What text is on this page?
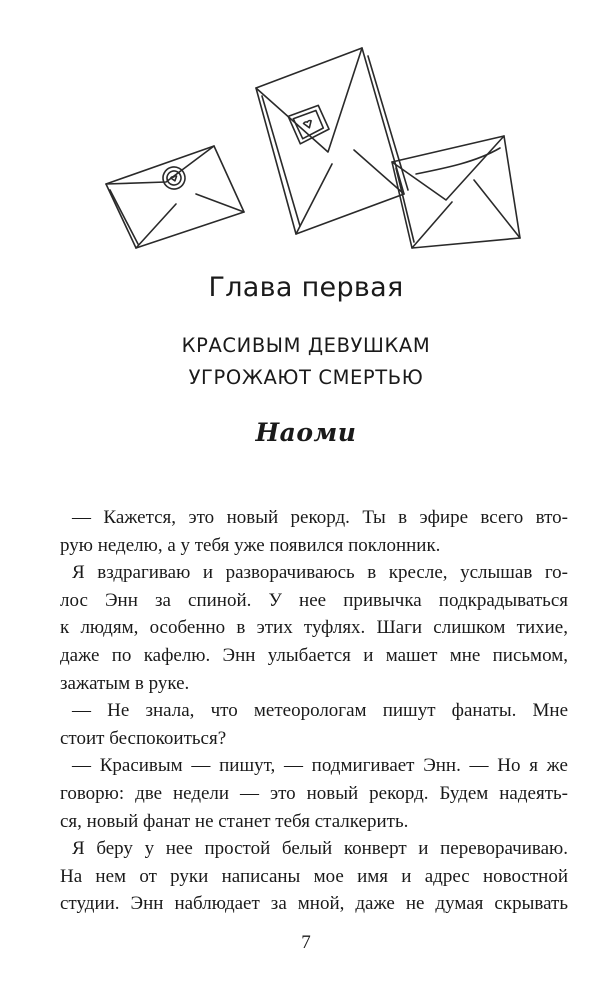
Глава первая
КРАСИВЫМ ДЕВУШКАМ
УГРОЖАЮТ СМЕРТЬЮ
Наоми
— Кажется, это новый рекорд. Ты в эфире всего вто-
рую неделю, а у тебя уже появился поклонник.
Я вздрагиваю и разворачиваюсь в кресле, услышав го-
лос Энн за спиной. У нее привычка подкрадываться
к людям, особенно в этих туфлях. Шаги слишком тихие,
даже по кафелю. Энн улыбается и машет мне письмом,
зажатым в руке.
— Не знала, что метеорологам пишут фанаты. Мне
стоит беспокоиться?
— Красивым — пишут, — подмигивает Энн. — Но я же
говорю: две недели — это новый рекорд. Будем надеять-
ся, новый фанат не станет тебя сталкерить.
Я беру у нее простой белый конверт и переворачиваю.
На нем от руки написаны мое имя и адрес новостной
студии. Энн наблюдает за мной, даже не думая скрывать
7
